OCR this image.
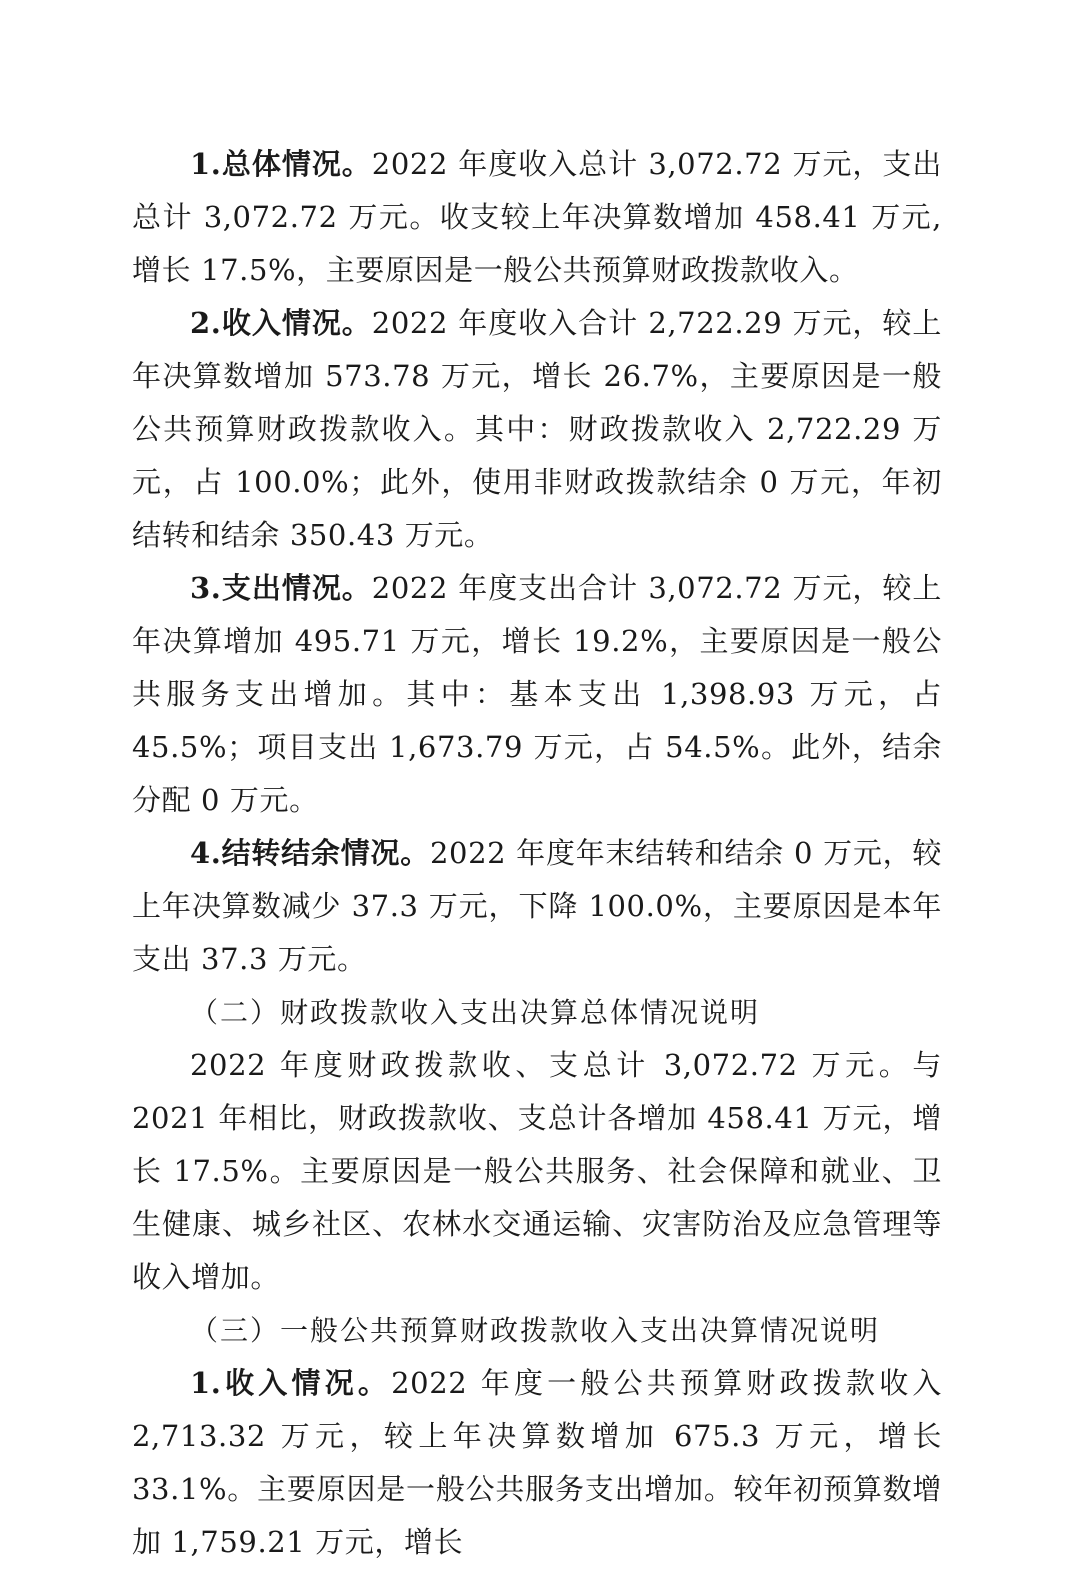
1.总体情况。2022 年度收入总计 3,072.72 万元，支出总计 3,072.72 万元。收支较上年决算数增加 458.41 万元,增长 17.5%，主要原因是一般公共预算财政拨款收入。

2.收入情况。2022 年度收入合计 2,722.29 万元，较上年决算数增加 573.78 万元，增长 26.7%，主要原因是一般公共预算财政拨款收入。其中：财政拨款收入 2,722.29 万元，占 100.0%；此外，使用非财政拨款结余 0 万元，年初结转和结余 350.43 万元。

3.支出情况。2022 年度支出合计 3,072.72 万元，较上年决算增加 495.71 万元，增长 19.2%，主要原因是一般公共服务支出增加。其中：基本支出 1,398.93 万元，占 45.5%；项目支出 1,673.79 万元，占 54.5%。此外，结余分配 0 万元。

4.结转结余情况。2022 年度年末结转和结余 0 万元，较上年决算数减少 37.3 万元，下降 100.0%，主要原因是本年支出 37.3 万元。

（二）财政拨款收入支出决算总体情况说明

2022 年度财政拨款收、支总计 3,072.72 万元。与 2021 年相比，财政拨款收、支总计各增加 458.41 万元，增长 17.5%。主要原因是一般公共服务、社会保障和就业、卫生健康、城乡社区、农林水交通运输、灾害防治及应急管理等收入增加。

（三）一般公共预算财政拨款收入支出决算情况说明

1.收入情况。2022 年度一般公共预算财政拨款收入 2,713.32 万元，较上年决算数增加 675.3 万元，增长 33.1%。主要原因是一般公共服务支出增加。较年初预算数增加 1,759.21 万元，增长
